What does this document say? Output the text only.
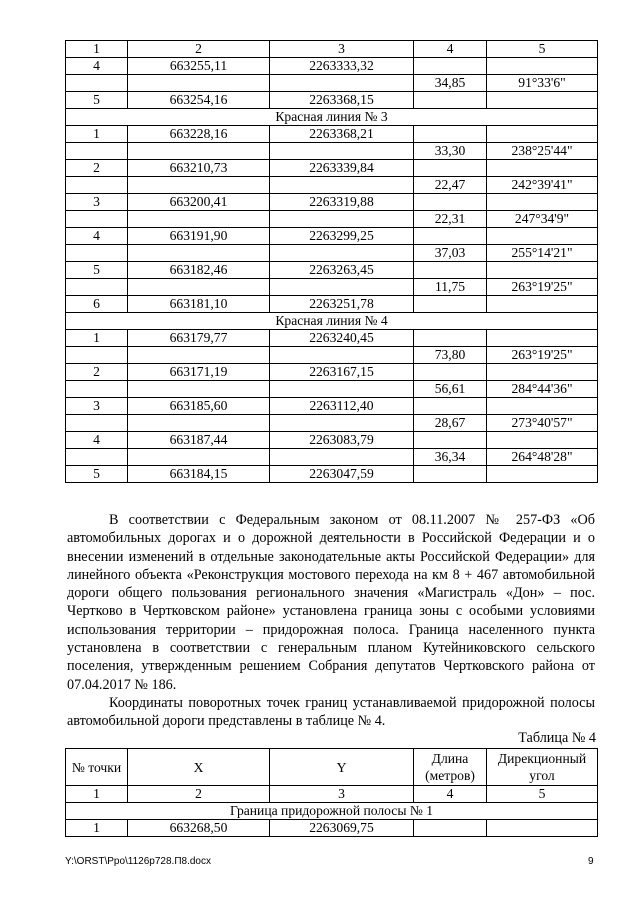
1	2	3	4	5
4	663255,11	2263333,32		
			34,85	91°33'6"
5	663254,16	2263368,15		
Красная линия № 3				
1	663228,16	2263368,21		
			33,30	238°25'44"
2	663210,73	2263339,84		
			22,47	242°39'41"
3	663200,41	2263319,88		
			22,31	247°34'9"
4	663191,90	2263299,25		
			37,03	255°14'21"
5	663182,46	2263263,45		
			11,75	263°19'25"
6	663181,10	2263251,78		
Красная линия № 4				
1	663179,77	2263240,45		
			73,80	263°19'25"
2	663171,19	2263167,15		
			56,61	284°44'36"
3	663185,60	2263112,40		
			28,67	273°40'57"
4	663187,44	2263083,79		
			36,34	264°48'28"
5	663184,15	2263047,59		

В соответствии с Федеральным законом от 08.11.2007 № 257-ФЗ «Об автомобильных дорогах и о дорожной деятельности в Российской Федерации и о внесении изменений в отдельные законодательные акты Российской Федерации» для линейного объекта «Реконструкция мостового перехода на км 8 + 467 автомобильной дороги общего пользования регионального значения «Магистраль «Дон» – пос. Чертково в Чертковском районе» установлена граница зоны с особыми условиями использования территории – придорожная полоса. Граница населенного пункта установлена в соответствии с генеральным планом Кутейниковского сельского поселения, утвержденным решением Собрания депутатов Чертковского района от 07.04.2017 № 186.

Координаты поворотных точек границ устанавливаемой придорожной полосы автомобильной дороги представлены в таблице № 4.

Таблица № 4
№ точки	X	Y	Длина (метров)	Дирекционный угол
1	2	3	4	5
Граница придорожной полосы № 1				
1	663268,50	2263069,75		
Y:\ORST\Рро\1126р728.П8.docx	9
